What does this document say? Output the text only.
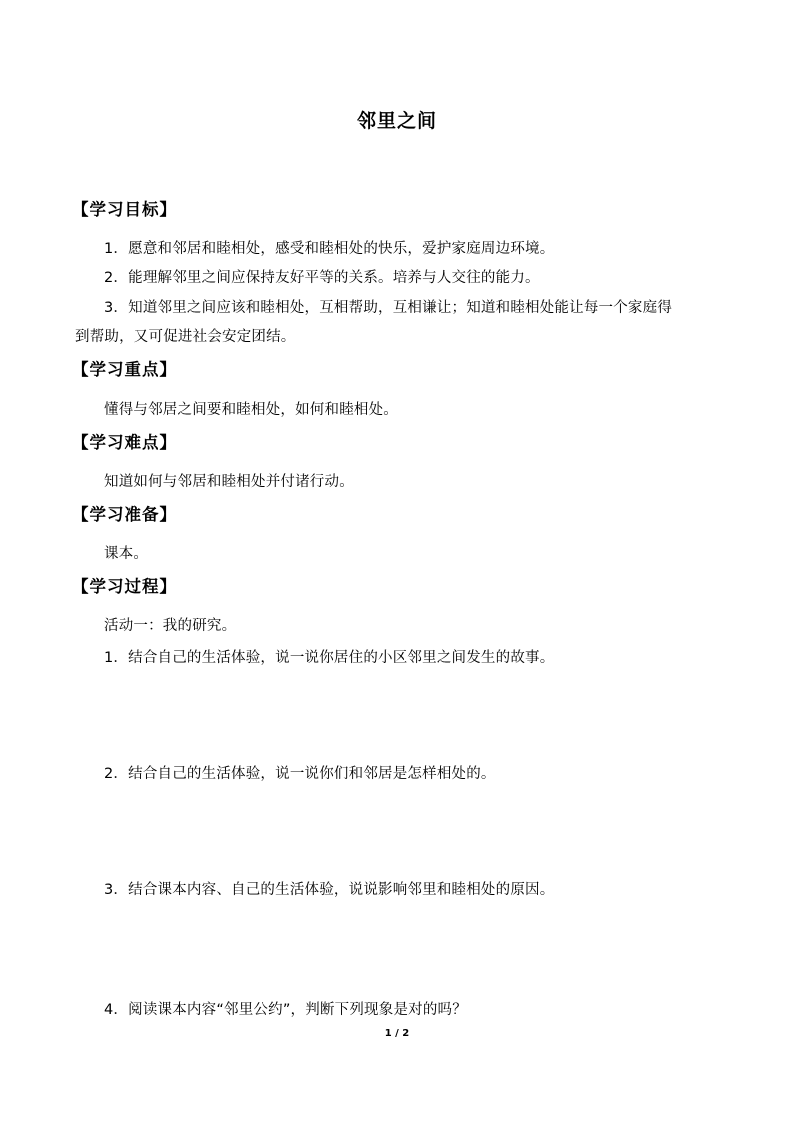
邻里之间
【学习目标】
1．愿意和邻居和睦相处，感受和睦相处的快乐，爱护家庭周边环境。
2．能理解邻里之间应保持友好平等的关系。培养与人交往的能力。
3．知道邻里之间应该和睦相处，互相帮助，互相谦让；知道和睦相处能让每一个家庭得
到帮助，又可促进社会安定团结。
【学习重点】
懂得与邻居之间要和睦相处，如何和睦相处。
【学习难点】
知道如何与邻居和睦相处并付诸行动。
【学习准备】
课本。
【学习过程】
活动一：我的研究。
1．结合自己的生活体验，说一说你居住的小区邻里之间发生的故事。
2．结合自己的生活体验，说一说你们和邻居是怎样相处的。
3．结合课本内容、自己的生活体验，说说影响邻里和睦相处的原因。
4．阅读课本内容“邻里公约”，判断下列现象是对的吗？
1 / 2
